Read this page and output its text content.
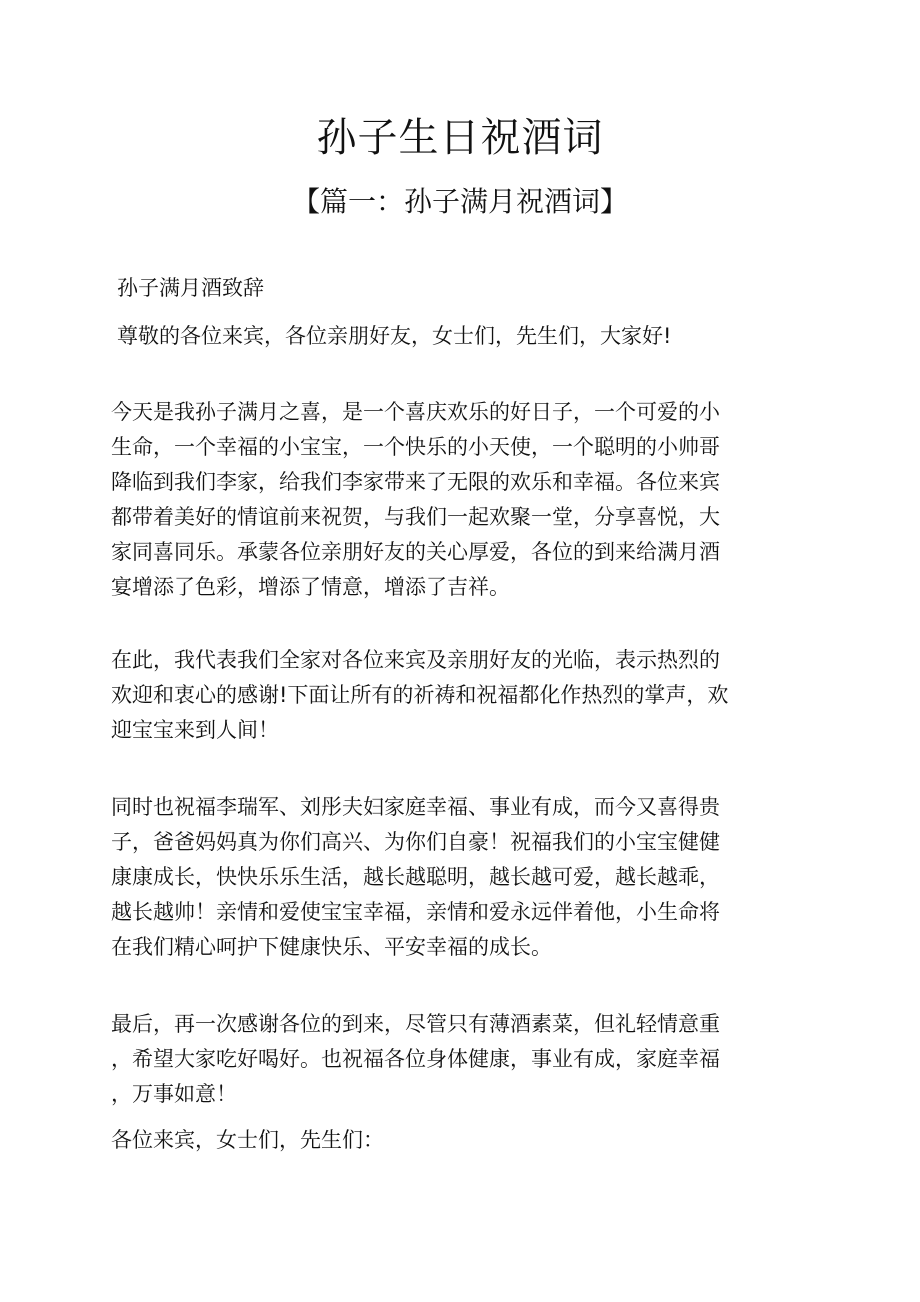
孙子生日祝酒词
【篇一：孙子满月祝酒词】
孙子满月酒致辞
尊敬的各位来宾，各位亲朋好友，女士们，先生们，大家好!
今天是我孙子满月之喜，是一个喜庆欢乐的好日子，一个可爱的小
生命，一个幸福的小宝宝，一个快乐的小天使，一个聪明的小帅哥
降临到我们李家，给我们李家带来了无限的欢乐和幸福。各位来宾
都带着美好的情谊前来祝贺，与我们一起欢聚一堂，分享喜悦，大
家同喜同乐。承蒙各位亲朋好友的关心厚爱，各位的到来给满月酒
宴增添了色彩，增添了情意，增添了吉祥。
在此，我代表我们全家对各位来宾及亲朋好友的光临，表示热烈的
欢迎和衷心的感谢!下面让所有的祈祷和祝福都化作热烈的掌声，欢
迎宝宝来到人间！
同时也祝福李瑞军、刘彤夫妇家庭幸福、事业有成，而今又喜得贵
子，爸爸妈妈真为你们高兴、为你们自豪！祝福我们的小宝宝健健
康康成长，快快乐乐生活，越长越聪明，越长越可爱，越长越乖，
越长越帅！亲情和爱使宝宝幸福，亲情和爱永远伴着他，小生命将
在我们精心呵护下健康快乐、平安幸福的成长。
最后，再一次感谢各位的到来，尽管只有薄酒素菜，但礼轻情意重
，希望大家吃好喝好。也祝福各位身体健康，事业有成，家庭幸福
，万事如意！
各位来宾，女士们，先生们：
